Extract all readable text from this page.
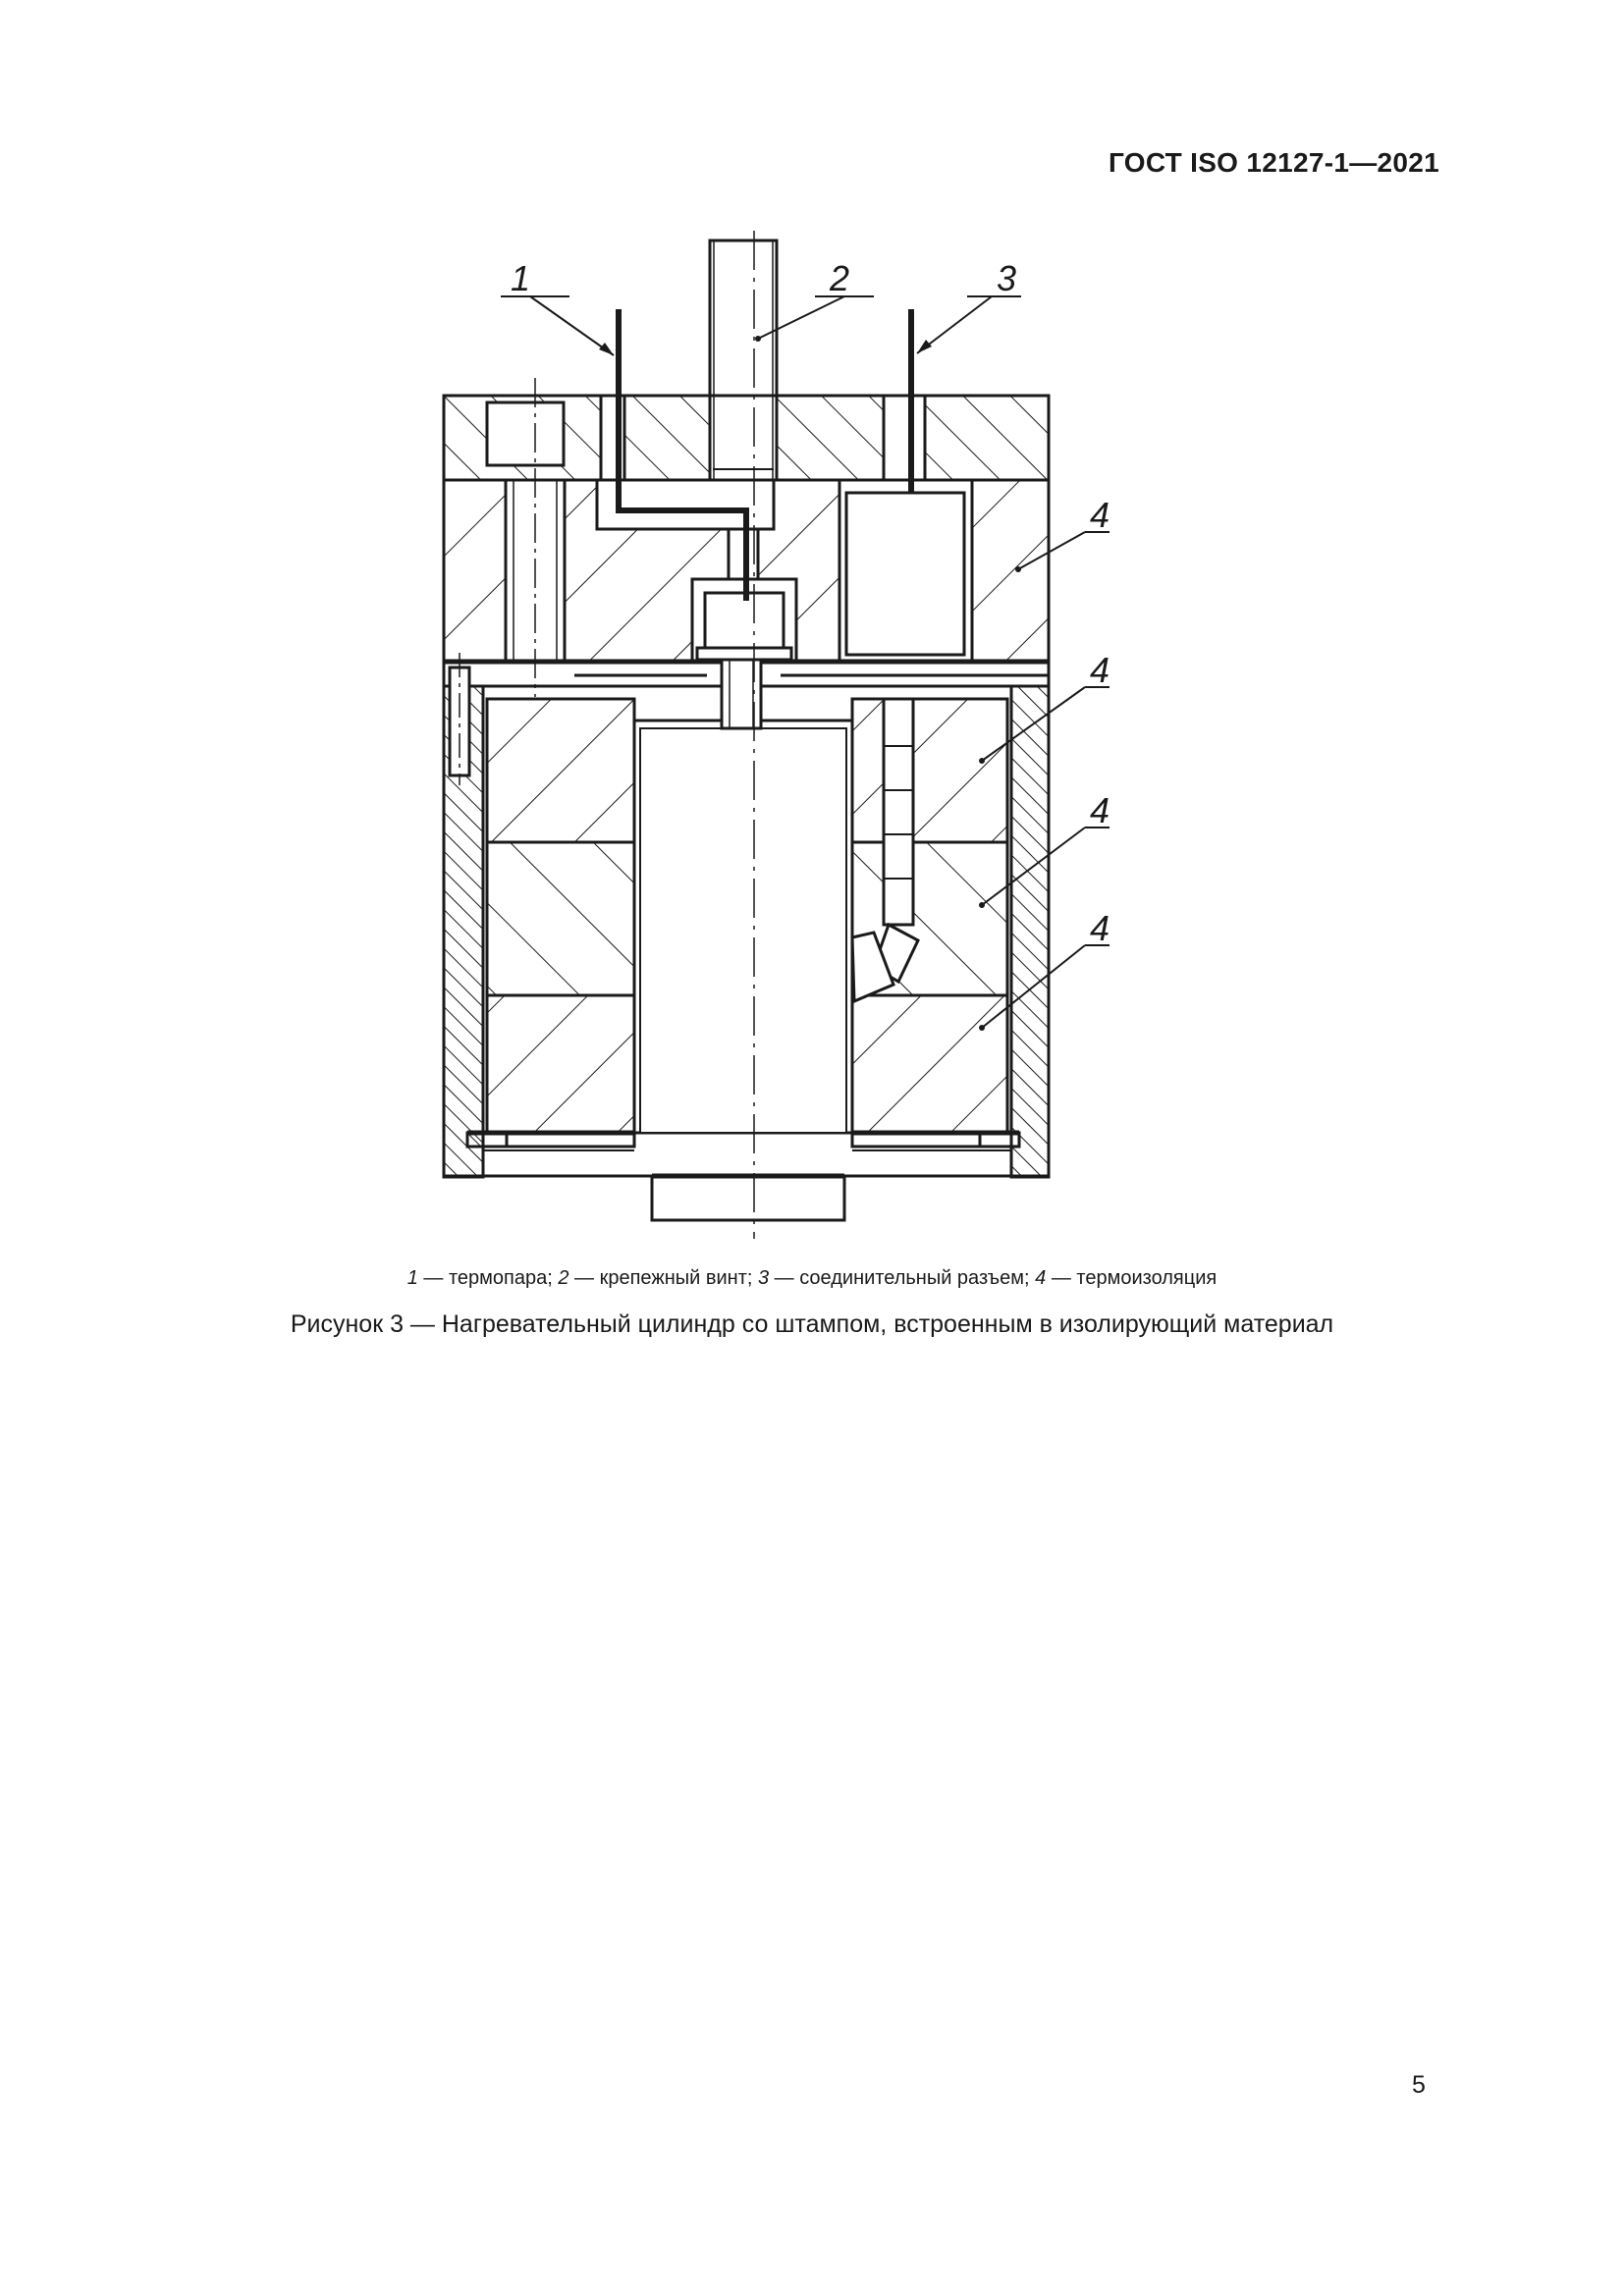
ГОСТ ISO 12127-1—2021
1	2	3
4
4
4
4
1 — термопара; 2 — крепежный винт; 3 — соединительный разъем; 4 — термоизоляция
Рисунок 3 — Нагревательный цилиндр со штампом, встроенным в изолирующий материал
5
